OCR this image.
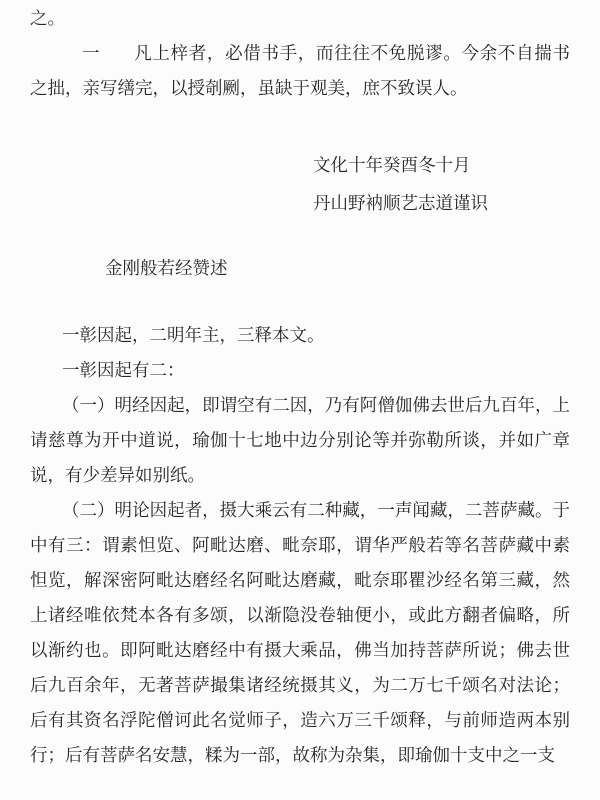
之。

一 凡上梓者，必借书手，而往往不免脱谬。今余不自揣书之拙，亲写缮完，以授剞劂，虽缺于观美，庶不致误人。

文化十年癸酉冬十月

丹山野衲顺艺志道谨识

金刚般若经赞述

一彰因起，二明年主，三释本文。

一彰因起有二：

（一）明经因起，即谓空有二因，乃有阿僧伽佛去世后九百年，上请慈尊为开中道说，瑜伽十七地中边分别论等并弥勒所谈，并如广章说，有少差异如别纸。

（二）明论因起者，摄大乘云有二种藏，一声闻藏，二菩萨藏。于中有三：谓素怛览、阿毗达磨、毗奈耶，谓华严般若等名菩萨藏中素怛览，解深密阿毗达磨经名阿毗达磨藏，毗奈耶瞿沙经名第三藏，然上诸经唯依梵本各有多颂，以渐隐没卷轴便小，或此方翻者偏略，所以渐约也。即阿毗达磨经中有摄大乘品，佛当加持菩萨所说；佛去世后九百余年，无著菩萨撮集诸经统摄其义，为二万七千颂名对法论；后有其资名浮陀僧诃此名觉师子，造六万三千颂释，与前师造两本别行；后有菩萨名安慧，糅为一部，故称为杂集，即瑜伽十支中之一支
